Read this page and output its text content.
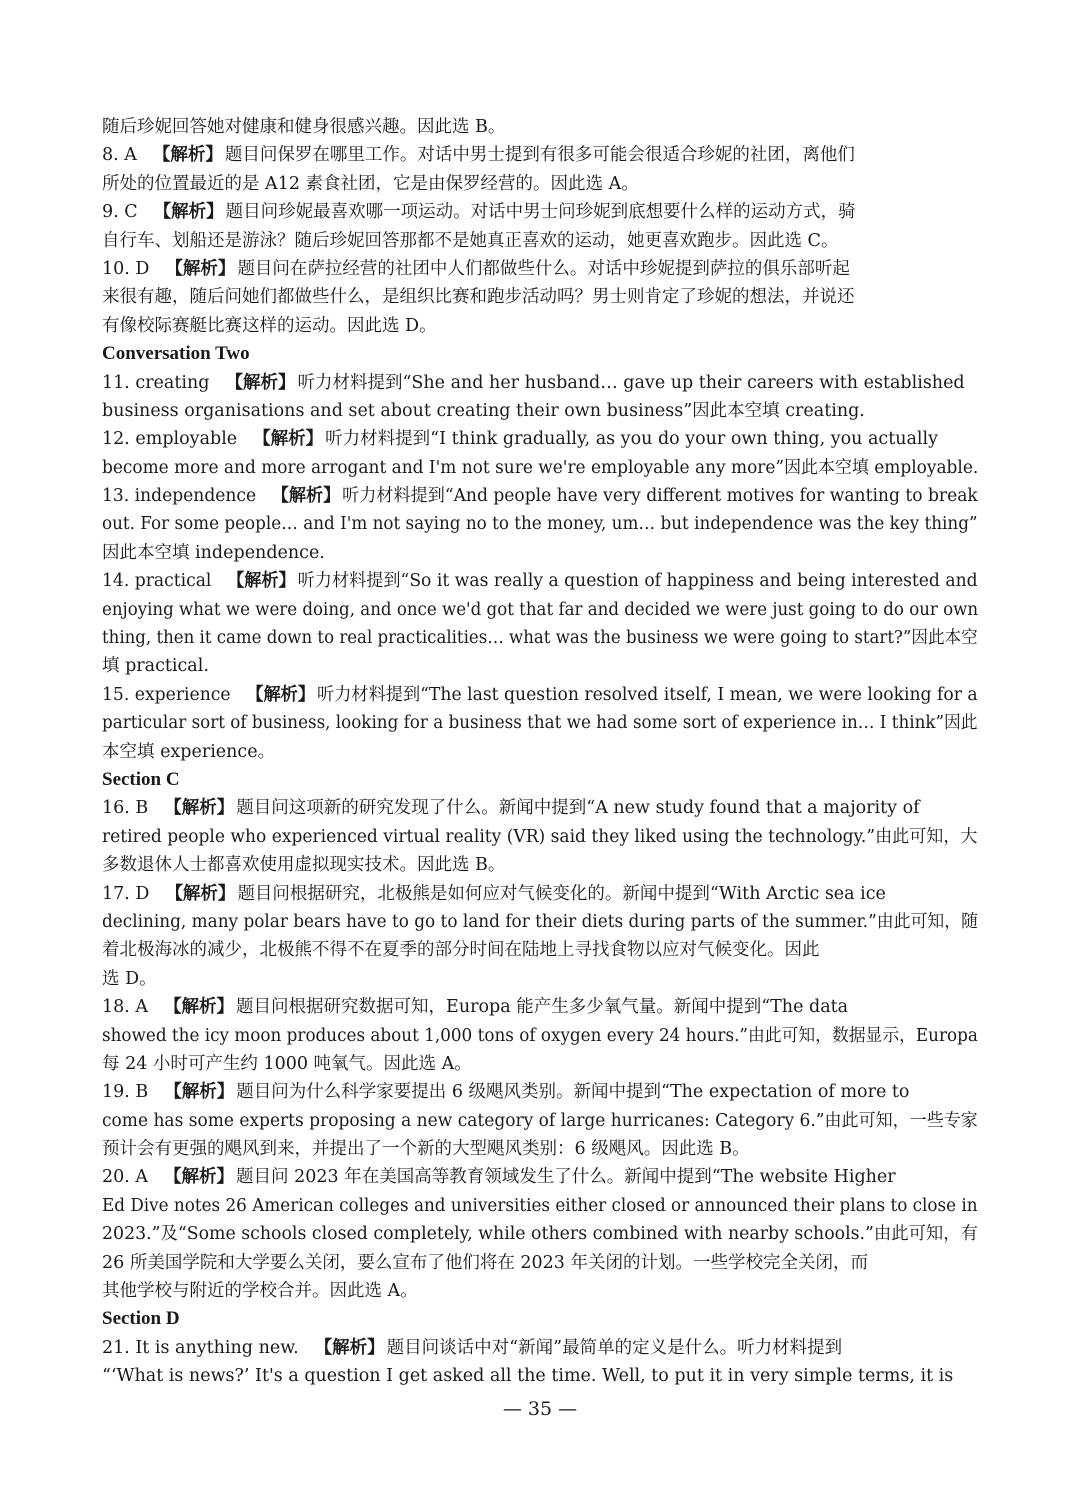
随后珍妮回答她对健康和健身很感兴趣。因此选 B。
8. A 【解析】 题目问保罗在哪里工作。对话中男士提到有很多可能会很适合珍妮的社团，离他们
所处的位置最近的是 A12 素食社团，它是由保罗经营的。因此选 A。
9. C 【解析】 题目问珍妮最喜欢哪一项运动。对话中男士问珍妮到底想要什么样的运动方式，骑
自行车、划船还是游泳？随后珍妮回答那都不是她真正喜欢的运动，她更喜欢跑步。因此选 C。
10. D 【解析】 题目问在萨拉经营的社团中人们都做些什么。对话中珍妮提到萨拉的俱乐部听起
来很有趣，随后问她们都做些什么，是组织比赛和跑步活动吗？男士则肯定了珍妮的想法，并说还
有像校际赛艇比赛这样的运动。因此选 D。
Conversation Two
11. creating 【解析】 听力材料提到“She and her husband… gave up their careers with established
business organisations and set about creating their own business”因此本空填 creating.
12. employable 【解析】 听力材料提到“I think gradually, as you do your own thing, you actually
become more and more arrogant and I'm not sure we're employable any more”因此本空填 employable.
13. independence 【解析】 听力材料提到“And people have very different motives for wanting to break
out. For some people… and I'm not saying no to the money, um… but independence was the key thing”
因此本空填 independence.
14. practical 【解析】 听力材料提到“So it was really a question of happiness and being interested and
enjoying what we were doing, and once we'd got that far and decided we were just going to do our own
thing, then it came down to real practicalities… what was the business we were going to start?”因此本空
填 practical.
15. experience 【解析】 听力材料提到“The last question resolved itself, I mean, we were looking for a
particular sort of business, looking for a business that we had some sort of experience in… I think”因此
本空填 experience。
Section C
16. B 【解析】 题目问这项新的研究发现了什么。新闻中提到“A new study found that a majority of
retired people who experienced virtual reality (VR) said they liked using the technology.”由此可知，大
多数退休人士都喜欢使用虚拟现实技术。因此选 B。
17. D 【解析】 题目问根据研究，北极熊是如何应对气候变化的。新闻中提到“With Arctic sea ice
declining, many polar bears have to go to land for their diets during parts of the summer.”由此可知，随
着北极海冰的减少，北极熊不得不在夏季的部分时间在陆地上寻找食物以应对气候变化。因此
选 D。
18. A 【解析】 题目问根据研究数据可知，Europa 能产生多少氧气量。新闻中提到“The data
showed the icy moon produces about 1,000 tons of oxygen every 24 hours.”由此可知，数据显示，Europa
每 24 小时可产生约 1000 吨氧气。因此选 A。
19. B 【解析】 题目问为什么科学家要提出 6 级飓风类别。新闻中提到“The expectation of more to
come has some experts proposing a new category of large hurricanes: Category 6.”由此可知，一些专家
预计会有更强的飓风到来，并提出了一个新的大型飓风类别：6 级飓风。因此选 B。
20. A 【解析】 题目问 2023 年在美国高等教育领域发生了什么。新闻中提到“The website Higher
Ed Dive notes 26 American colleges and universities either closed or announced their plans to close in
2023.”及“Some schools closed completely, while others combined with nearby schools.”由此可知，有
26 所美国学院和大学要么关闭，要么宣布了他们将在 2023 年关闭的计划。一些学校完全关闭，而
其他学校与附近的学校合并。因此选 A。
Section D
21. It is anything new. 【解析】 题目问谈话中对“新闻”最简单的定义是什么。听力材料提到
“‘What is news?’ It's a question I get asked all the time. Well, to put it in very simple terms, it is
— 35 —
